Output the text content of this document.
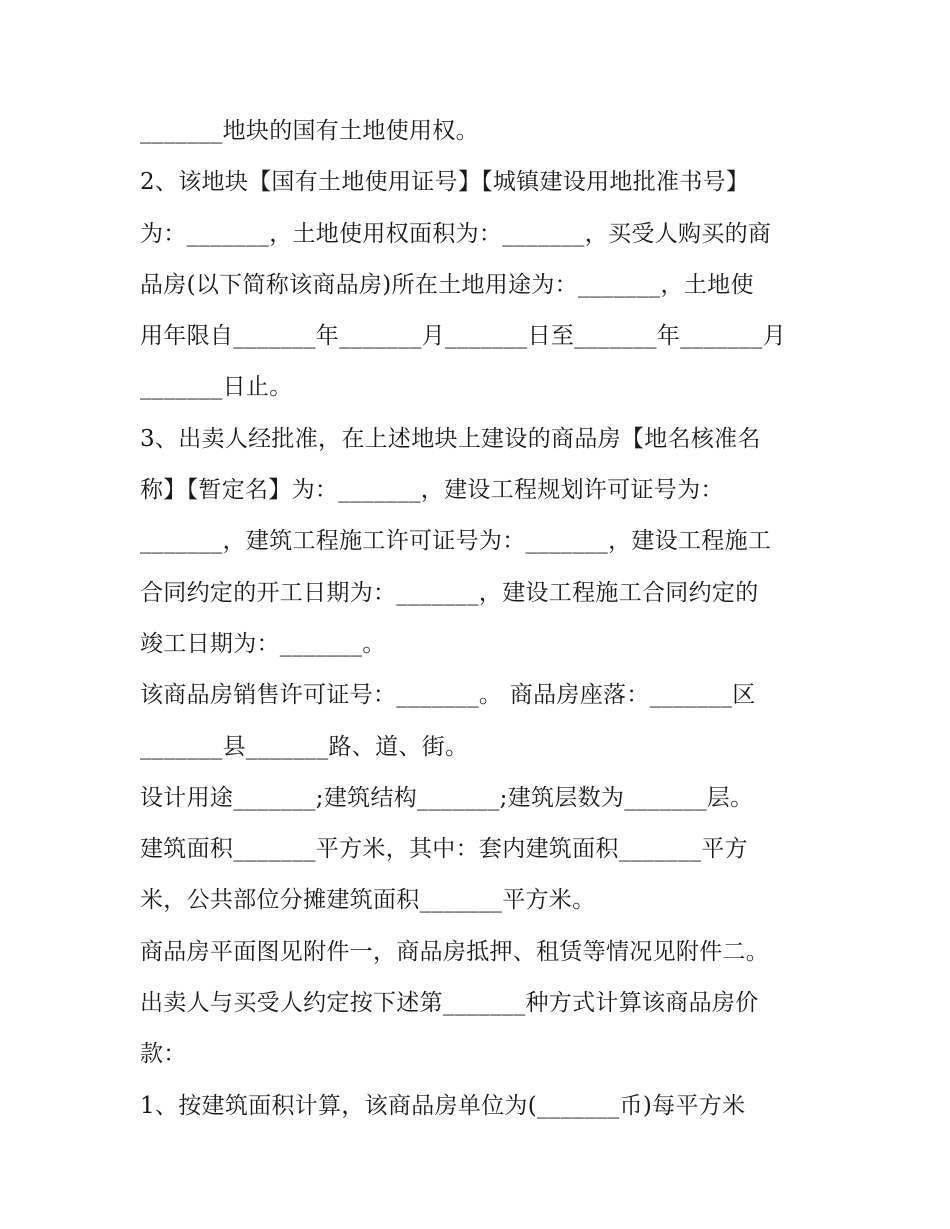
_______地块的国有土地使用权。

2、该地块【国有土地使用证号】【城镇建设用地批准书号】

为：_______，土地使用权面积为：_______，买受人购买的商

品房(以下简称该商品房)所在土地用途为：_______，土地使

用年限自_______年_______月_______日至_______年_______月

_______日止。

3、出卖人经批准，在上述地块上建设的商品房【地名核准名

称】【暂定名】为：_______，建设工程规划许可证号为：

_______，建筑工程施工许可证号为：_______，建设工程施工

合同约定的开工日期为：_______，建设工程施工合同约定的

竣工日期为：_______。

该商品房销售许可证号：_______。 商品房座落：_______区

_______县_______路、道、街。

设计用途_______;建筑结构_______;建筑层数为_______层。

建筑面积_______平方米，其中：套内建筑面积_______平方

米，公共部位分摊建筑面积_______平方米。

商品房平面图见附件一，商品房抵押、租赁等情况见附件二。

出卖人与买受人约定按下述第_______种方式计算该商品房价

款：

1、按建筑面积计算，该商品房单位为(_______币)每平方米
